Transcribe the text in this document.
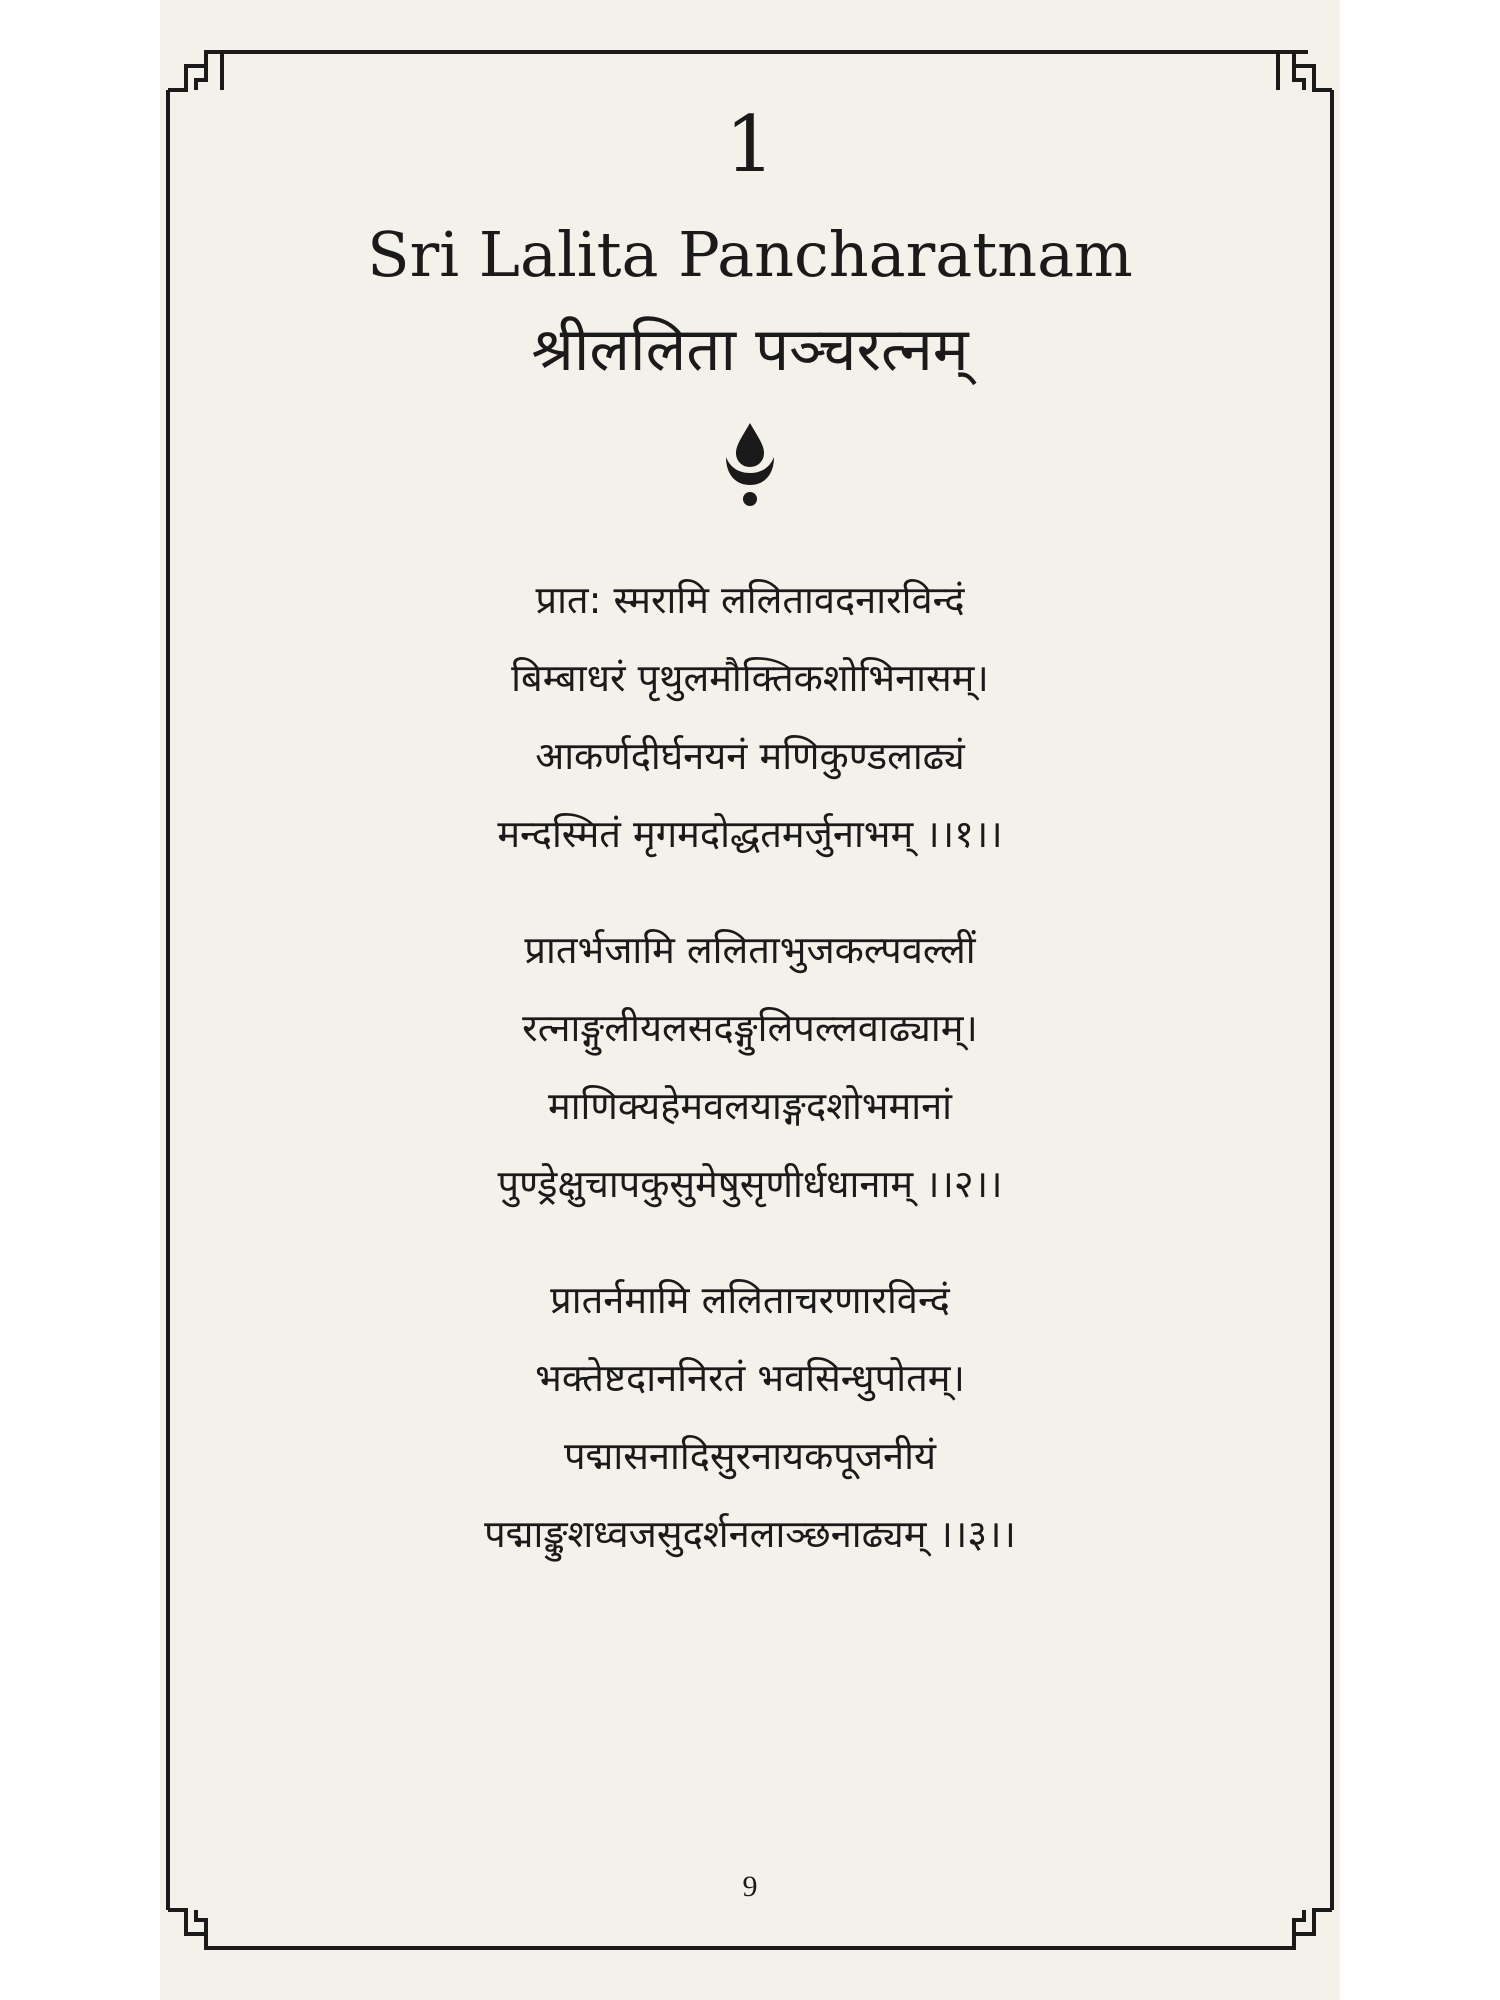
1
Sri Lalita Pancharatnam
श्रीललिता पञ्चरत्नम्
प्रात: स्मरामि ललितावदनारविन्दं
बिम्बाधरं पृथुलमौक्तिकशोभिनासम्।
आकर्णदीर्घनयनं मणिकुण्डलाढ्यं
मन्दस्मितं मृगमदोद्धतमर्जुनाभम् ।।१।।
प्रातर्भजामि ललिताभुजकल्पवल्लीं
रत्नाङ्गुलीयलसदङ्गुलिपल्लवाढ्याम्।
माणिक्यहेमवलयाङ्गदशोभमानां
पुण्ड्रेक्षुचापकुसुमेषुसृणीर्धधानाम् ।।२।।
प्रातर्नमामि ललिताचरणारविन्दं
भक्तेष्टदाननिरतं भवसिन्धुपोतम्।
पद्मासनादिसुरनायकपूजनीयं
पद्माङ्कुशध्वजसुदर्शनलाञ्छनाढ्यम् ।।३।।
9
